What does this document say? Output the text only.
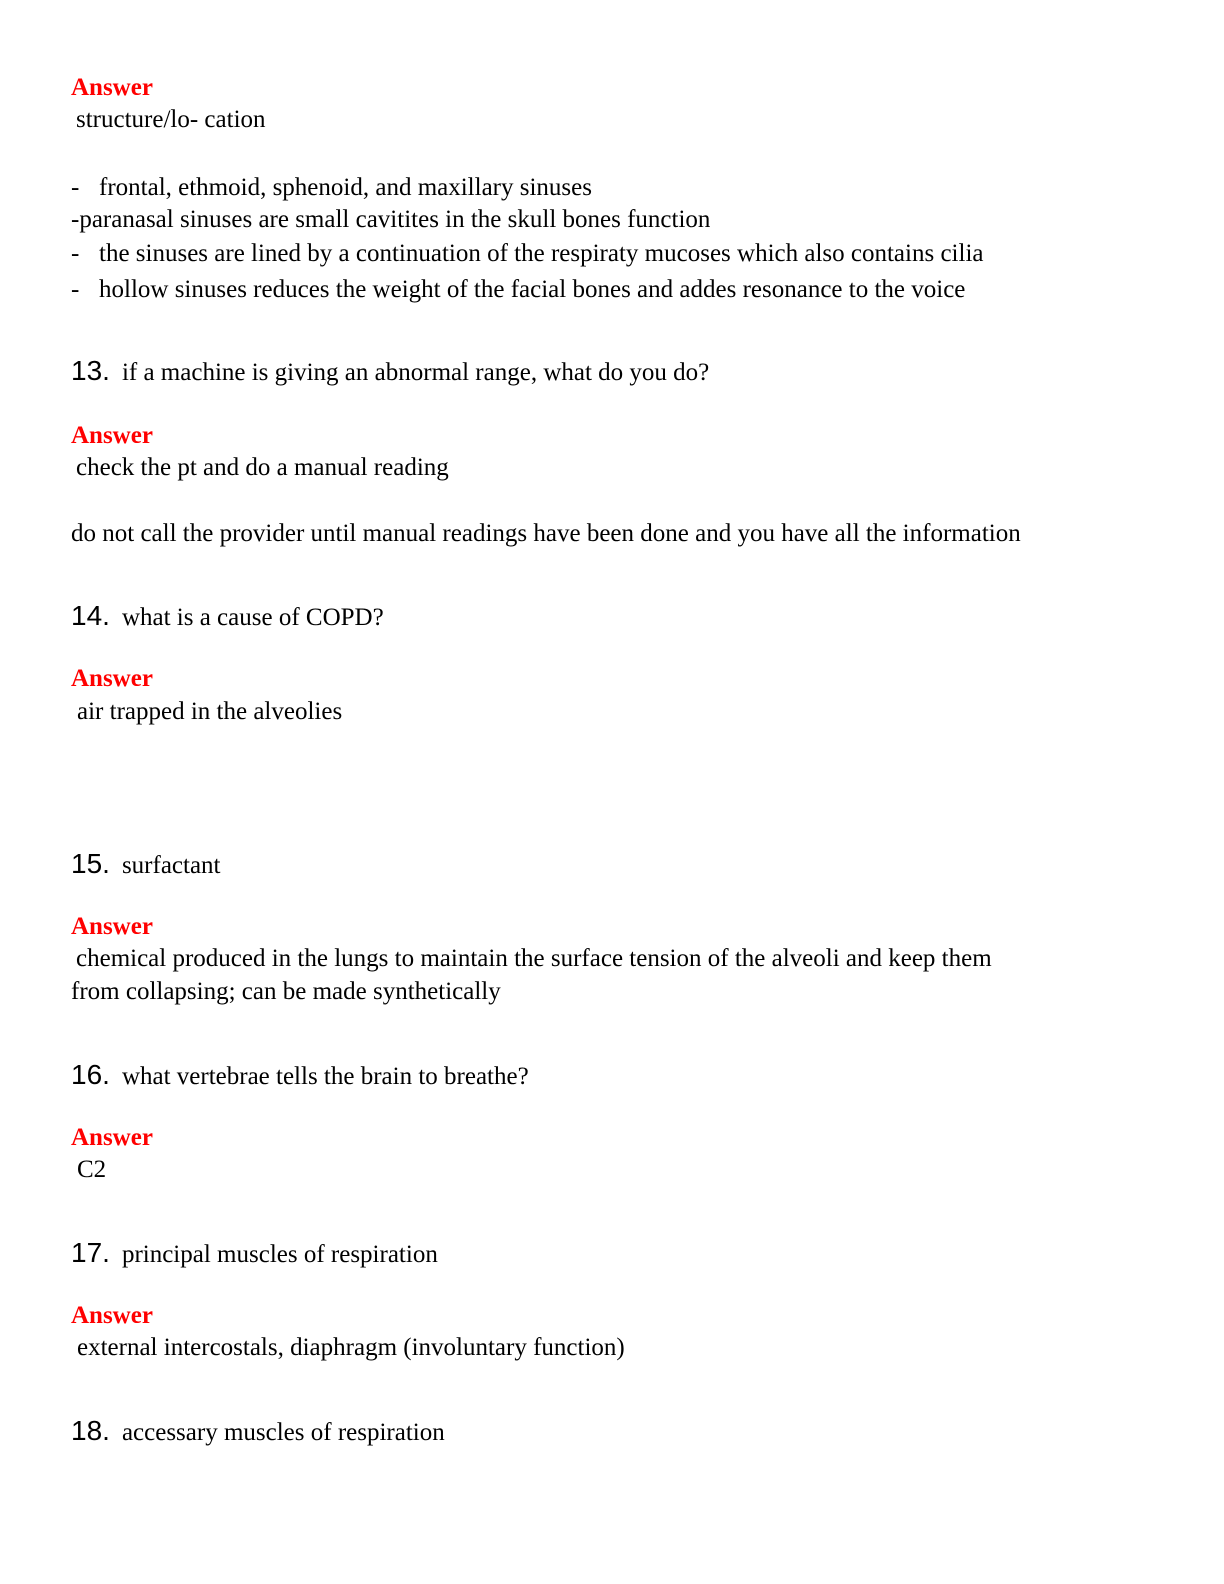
Answer
structure/lo- cation
- frontal, ethmoid, sphenoid, and maxillary sinuses
-paranasal sinuses are small cavitites in the skull bones function
- the sinuses are lined by a continuation of the respiraty mucoses which also contains cilia
- hollow sinuses reduces the weight of the facial bones and addes resonance to the voice
13. if a machine is giving an abnormal range, what do you do?
Answer
check the pt and do a manual reading
do not call the provider until manual readings have been done and you have all the information
14. what is a cause of COPD?
Answer
air trapped in the alveolies
15. surfactant
Answer
chemical produced in the lungs to maintain the surface tension of the alveoli and keep them
from collapsing; can be made synthetically
16. what vertebrae tells the brain to breathe?
Answer
C2
17. principal muscles of respiration
Answer
external intercostals, diaphragm (involuntary function)
18. accessary muscles of respiration
